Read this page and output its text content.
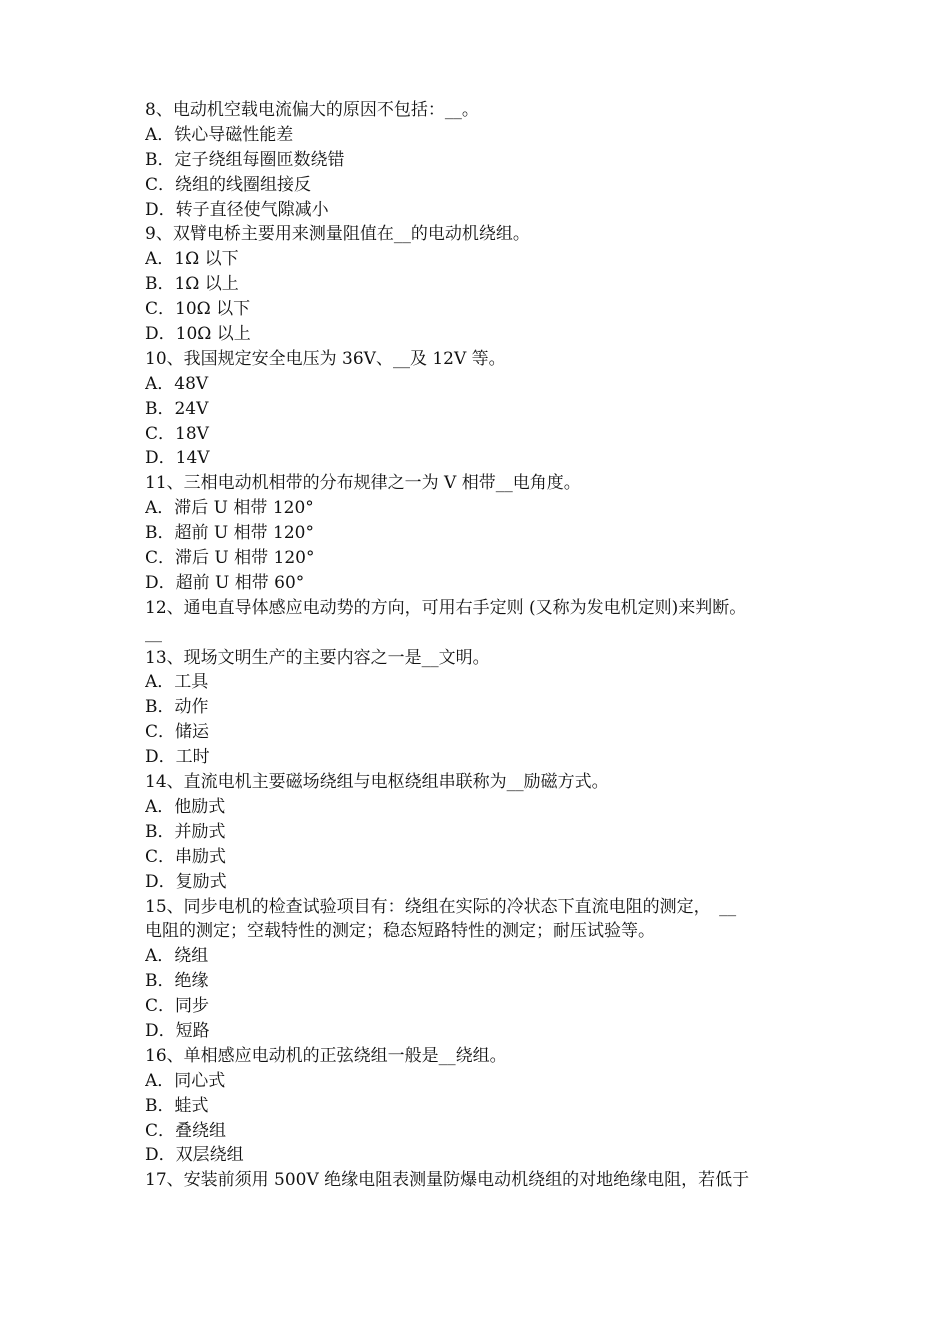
8、电动机空载电流偏大的原因不包括：__。
A．铁心导磁性能差
B．定子绕组每圈匝数绕错
C．绕组的线圈组接反
D．转子直径使气隙减小
9、双臂电桥主要用来测量阻值在__的电动机绕组。
A．1Ω 以下
B．1Ω 以上
C．10Ω 以下
D．10Ω 以上
10、我国规定安全电压为 36V、__及 12V 等。
A．48V
B．24V
C．18V
D．14V
11、三相电动机相带的分布规律之一为 V 相带__电角度。
A．滞后 U 相带 120°
B．超前 U 相带 120°
C．滞后 U 相带 120°
D．超前 U 相带 60°
12、通电直导体感应电动势的方向，可用右手定则 (又称为发电机定则)来判断。
__
13、现场文明生产的主要内容之一是__文明。
A．工具
B．动作
C．储运
D．工时
14、直流电机主要磁场绕组与电枢绕组串联称为__励磁方式。
A．他励式
B．并励式
C．串励式
D．复励式
15、同步电机的检查试验项目有：绕组在实际的冷状态下直流电阻的测定，　__
电阻的测定；空载特性的测定；稳态短路特性的测定；耐压试验等。
A．绕组
B．绝缘
C．同步
D．短路
16、单相感应电动机的正弦绕组一般是__绕组。
A．同心式
B．蛙式
C．叠绕组
D．双层绕组
17、安装前须用 500V 绝缘电阻表测量防爆电动机绕组的对地绝缘电阻，若低于
